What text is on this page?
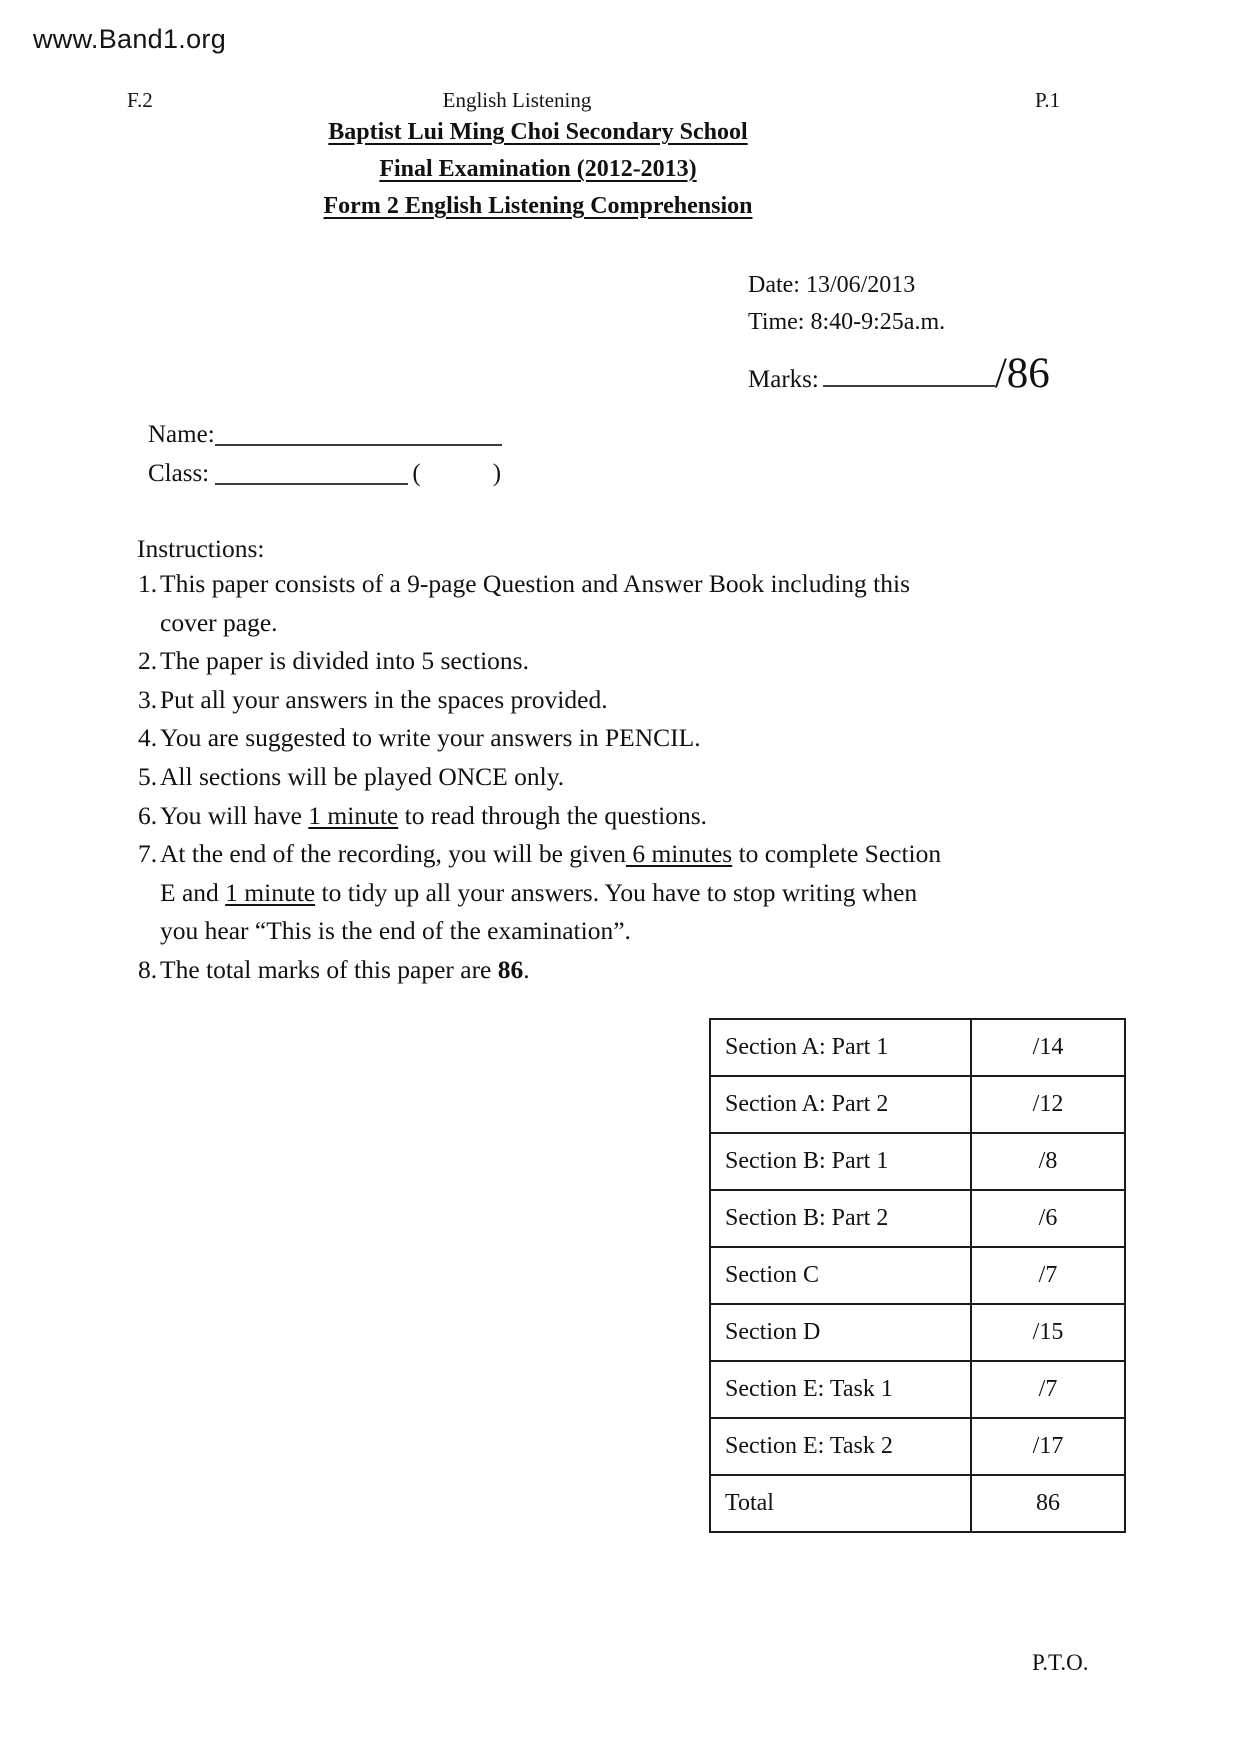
www.Band1.org
F.2	English Listening	P.1
Baptist Lui Ming Choi Secondary School
Final Examination (2012-2013)
Form 2 English Listening Comprehension
Date: 13/06/2013
Time: 8:40-9:25a.m.
Marks:	/86
Name:
Class:	(	)
Instructions:
1. This paper consists of a 9-page Question and Answer Book including this
cover page.
2. The paper is divided into 5 sections.
3. Put all your answers in the spaces provided.
4. You are suggested to write your answers in PENCIL.
5. All sections will be played ONCE only.
6. You will have 1 minute to read through the questions.
7. At the end of the recording, you will be given 6 minutes to complete Section
E and 1 minute to tidy up all your answers. You have to stop writing when
you hear “This is the end of the examination”.
8. The total marks of this paper are 86.
Section A: Part 1	/14
Section A: Part 2	/12
Section B: Part 1	/8
Section B: Part 2	/6
Section C	/7
Section D	/15
Section E: Task 1	/7
Section E: Task 2	/17
Total	86
P.T.O.
